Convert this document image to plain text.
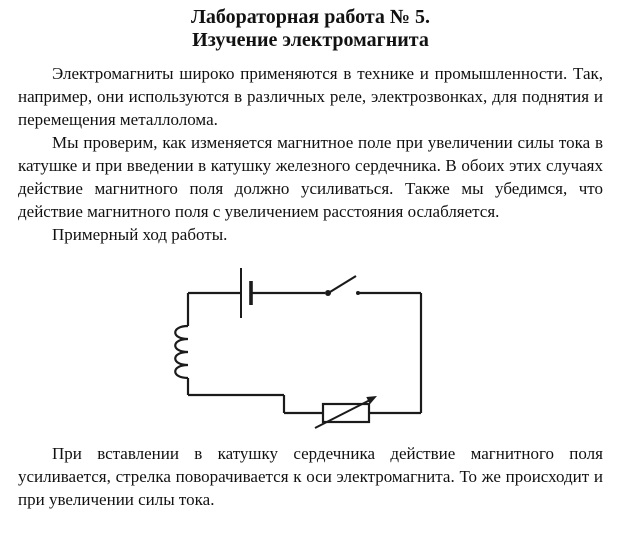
Лабораторная работа № 5.
Изучение электромагнита

Электромагниты широко применяются в технике и промышленности. Так, например, они используются в различных реле, электрозвонках, для поднятия и перемещения металлолома.

Мы проверим, как изменяется магнитное поле при увеличении силы тока в катушке и при введении в катушку железного сердечника. В обоих этих случаях действие магнитного поля должно усиливаться. Также мы убедимся, что действие магнитного поля с увеличением расстояния ослабляется.

Примерный ход работы.

При вставлении в катушку сердечника действие магнитного поля усиливается, стрелка поворачивается к оси электромагнита. То же происходит и при увеличении силы тока.
